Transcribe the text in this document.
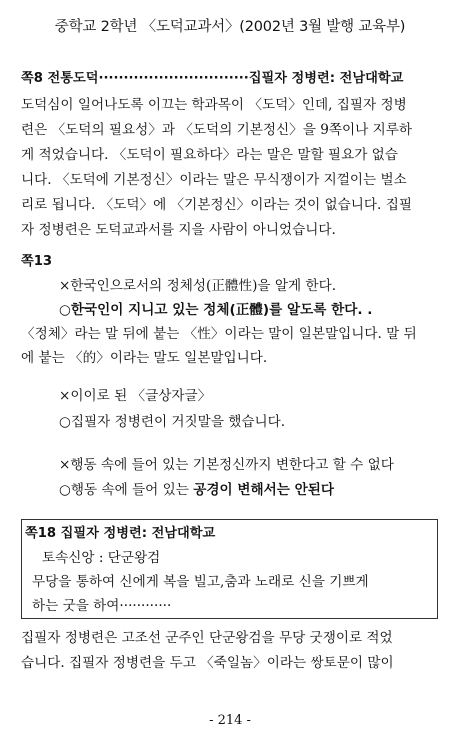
중학교 2학년 〈도덕교과서〉(2002년 3월 발행 교육부)
쪽8 전통도덕······························집필자 정병련: 전남대학교
도덕심이 일어나도록 이끄는 학과목이 〈도덕〉인데, 집필자 정병
련은 〈도덕의 필요성〉과 〈도덕의 기본정신〉을 9쪽이나 지루하
게 적었습니다. 〈도덕이 필요하다〉라는 말은 말할 필요가 없습
니다. 〈도덕에 기본정신〉이라는 말은 무식쟁이가 지껄이는 벌소
리로 됩니다. 〈도덕〉에 〈기본정신〉이라는 것이 없습니다. 집필
자 정병련은 도덕교과서를 지을 사람이 아니었습니다.
쪽13
×한국인으로서의 정체성(正體性)을 알게 한다.
○한국인이 지니고 있는 정체(正體)를 알도록 한다. .
〈정체〉라는 말 뒤에 붙는 〈性〉이라는 말이 일본말입니다. 말 뒤
에 붙는 〈的〉이라는 말도 일본말입니다.
×이이로 된 〈글상자글〉
○집필자 정병련이 거짓말을 했습니다.
×행동 속에 들어 있는 기본정신까지 변한다고 할 수 없다
○행동 속에 들어 있는 공경이 변해서는 안된다
쪽18 집필자 정병련: 전남대학교
토속신앙 : 단군왕검
무당을 통하여 신에게 복을 빌고,춤과 노래로 신을 기쁘게
하는 굿을 하여············
집필자 정병련은 고조선 군주인 단군왕검을 무당 굿쟁이로 적었
습니다. 집필자 정병련을 두고 〈죽일놈〉이라는 쌍토문이 많이
- 214 -
